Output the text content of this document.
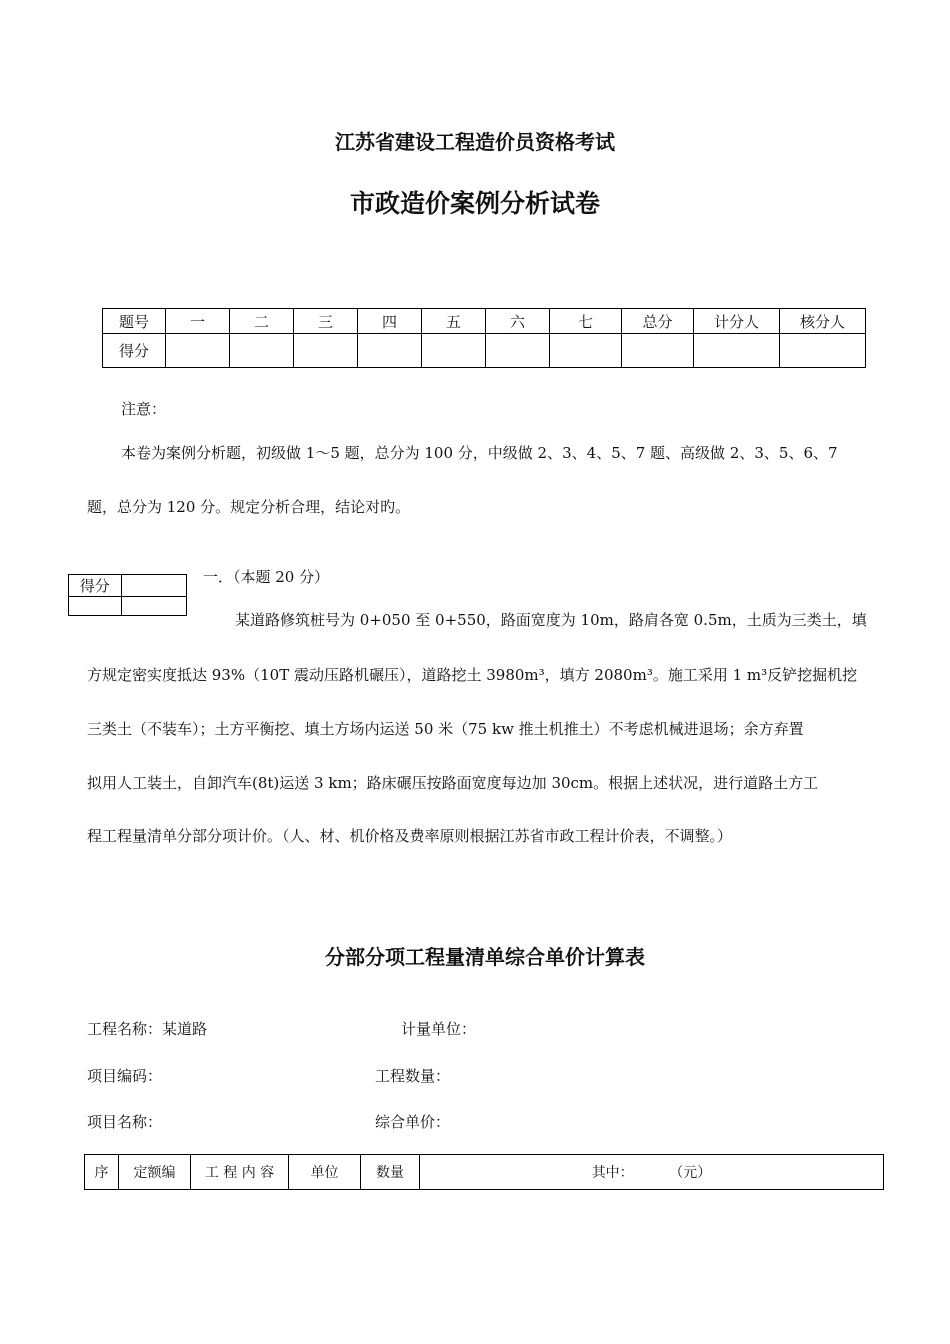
江苏省建设工程造价员资格考试
市政造价案例分析试卷
题号	一	二	三	四	五	六	七	总分	计分人	核分人
得分										
注意：
本卷为案例分析题，初级做 1～5 题，总分为 100 分，中级做 2、3、4、5、7 题、高级做 2、3、5、6、7
题，总分为 120 分。规定分析合理，结论对旳。
得分	
		一．（本题 20 分）
某道路修筑桩号为 0+050 至 0+550，路面宽度为 10m，路肩各宽 0.5m，土质为三类土，填
方规定密实度抵达 93%（10T 震动压路机碾压），道路挖土 3980m³，填方 2080m³。施工采用 1 m³反铲挖掘机挖
三类土（不装车）；土方平衡挖、填土方场内运送 50 米（75 kw 推土机推土）不考虑机械进退场；余方弃置
拟用人工装土，自卸汽车(8t)运送 3 km；路床碾压按路面宽度每边加 30cm。根据上述状况，进行道路土方工
程工程量清单分部分项计价。（人、材、机价格及费率原则根据江苏省市政工程计价表，不调整。）
分部分项工程量清单综合单价计算表
工程名称：某道路	计量单位：
项目编码：	工程数量：
项目名称：	综合单价：
序	定额编	工 程 内 容	单位	数量	其中：        （元）
